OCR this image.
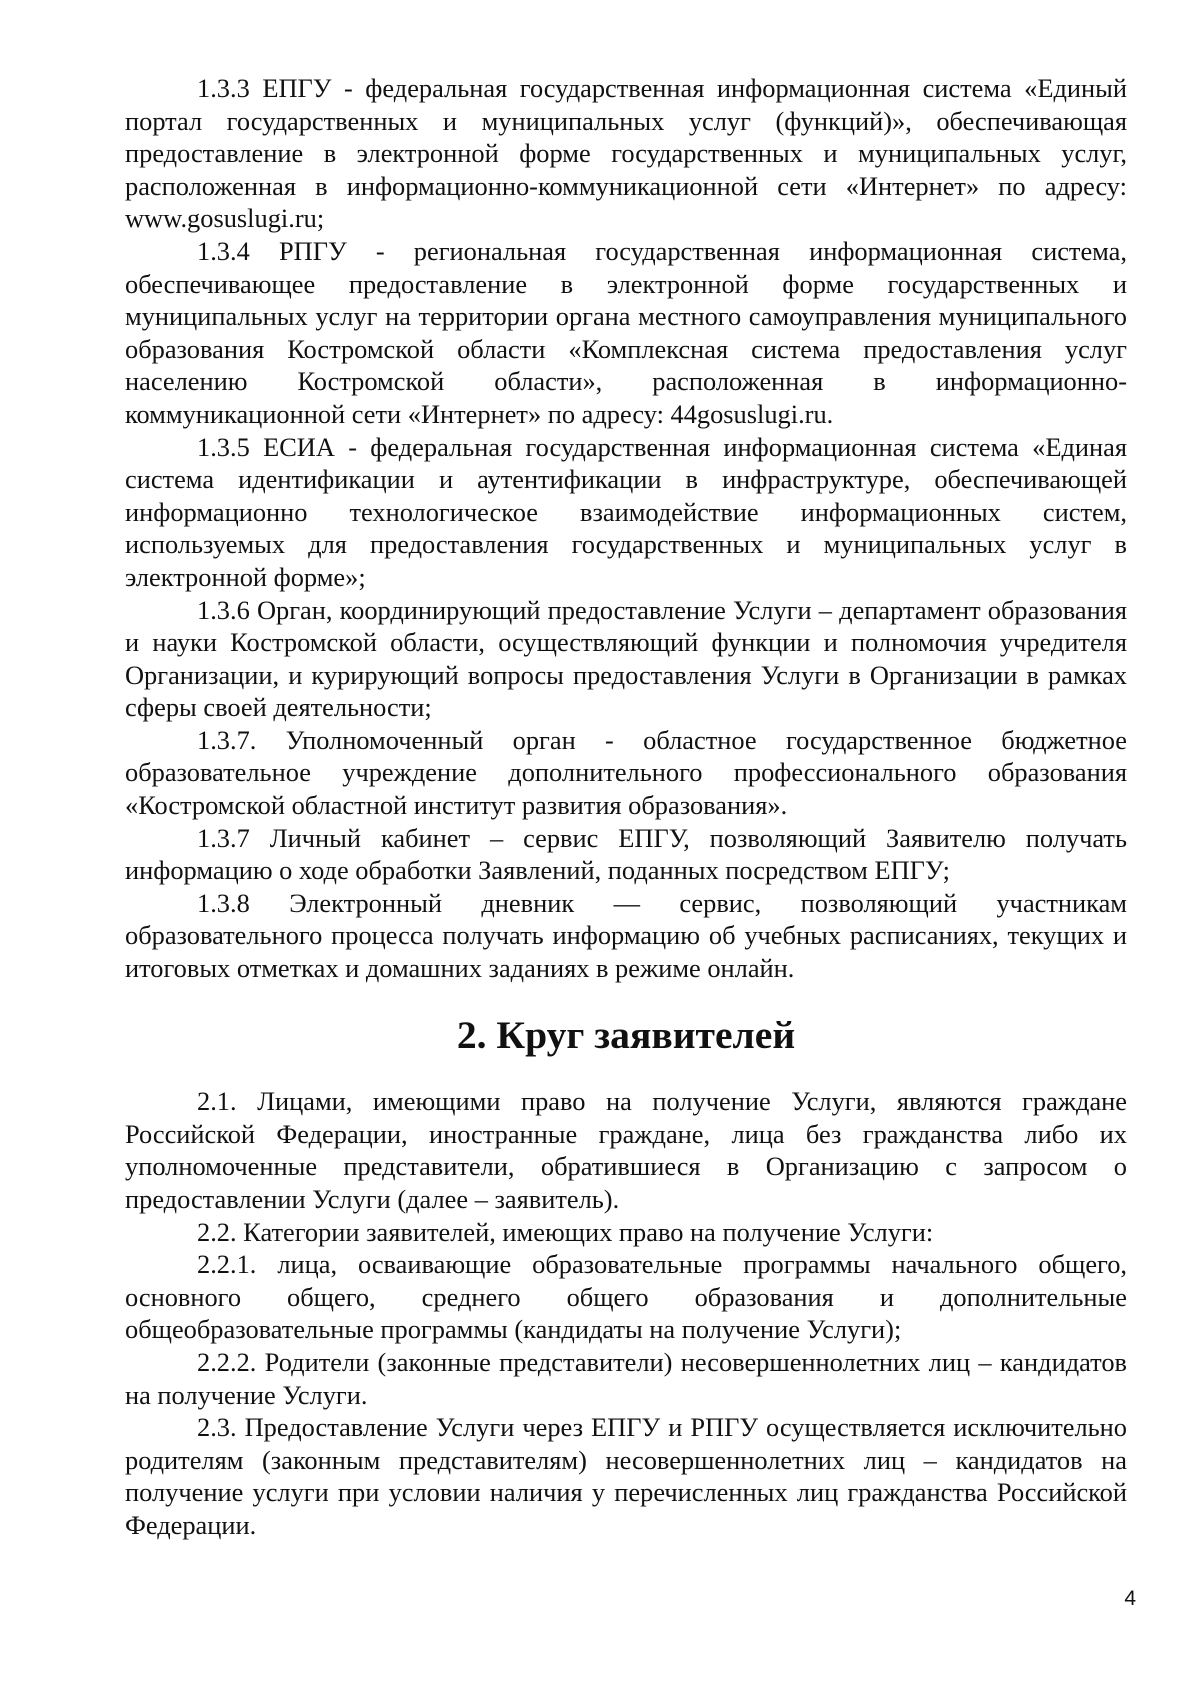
1.3.3 ЕПГУ - федеральная государственная информационная система «Единый портал государственных и муниципальных услуг (функций)», обеспечивающая предоставление в электронной форме государственных и муниципальных услуг, расположенная в информационно-коммуникационной сети «Интернет» по адресу: www.gosuslugi.ru;

1.3.4 РПГУ - региональная государственная информационная система, обеспечивающее предоставление в электронной форме государственных и муниципальных услуг на территории органа местного самоуправления муниципального образования Костромской области «Комплексная система предоставления услуг населению Костромской области», расположенная в информационно-коммуникационной сети «Интернет» по адресу: 44gosuslugi.ru.

1.3.5 ЕСИА - федеральная государственная информационная система «Единая система идентификации и аутентификации в инфраструктуре, обеспечивающей информационно технологическое взаимодействие информационных систем, используемых для предоставления государственных и муниципальных услуг в электронной форме»;

1.3.6 Орган, координирующий предоставление Услуги – департамент образования и науки Костромской области, осуществляющий функции и полномочия учредителя Организации, и курирующий вопросы предоставления Услуги в Организации в рамках сферы своей деятельности;

1.3.7. Уполномоченный орган - областное государственное бюджетное образовательное учреждение дополнительного профессионального образования «Костромской областной институт развития образования».

1.3.7 Личный кабинет – сервис ЕПГУ, позволяющий Заявителю получать информацию о ходе обработки Заявлений, поданных посредством ЕПГУ;

1.3.8 Электронный дневник — сервис, позволяющий участникам образовательного процесса получать информацию об учебных расписаниях, текущих и итоговых отметках и домашних заданиях в режиме онлайн.

2. Круг заявителей

2.1. Лицами, имеющими право на получение Услуги, являются граждане Российской Федерации, иностранные граждане, лица без гражданства либо их уполномоченные представители, обратившиеся в Организацию с запросом о предоставлении Услуги (далее – заявитель).

2.2. Категории заявителей, имеющих право на получение Услуги:

2.2.1. лица, осваивающие образовательные программы начального общего, основного общего, среднего общего образования и дополнительные общеобразовательные программы (кандидаты на получение Услуги);

2.2.2. Родители (законные представители) несовершеннолетних лиц – кандидатов на получение Услуги.

2.3. Предоставление Услуги через ЕПГУ и РПГУ осуществляется исключительно родителям (законным представителям) несовершеннолетних лиц – кандидатов на получение услуги при условии наличия у перечисленных лиц гражданства Российской Федерации.

4
